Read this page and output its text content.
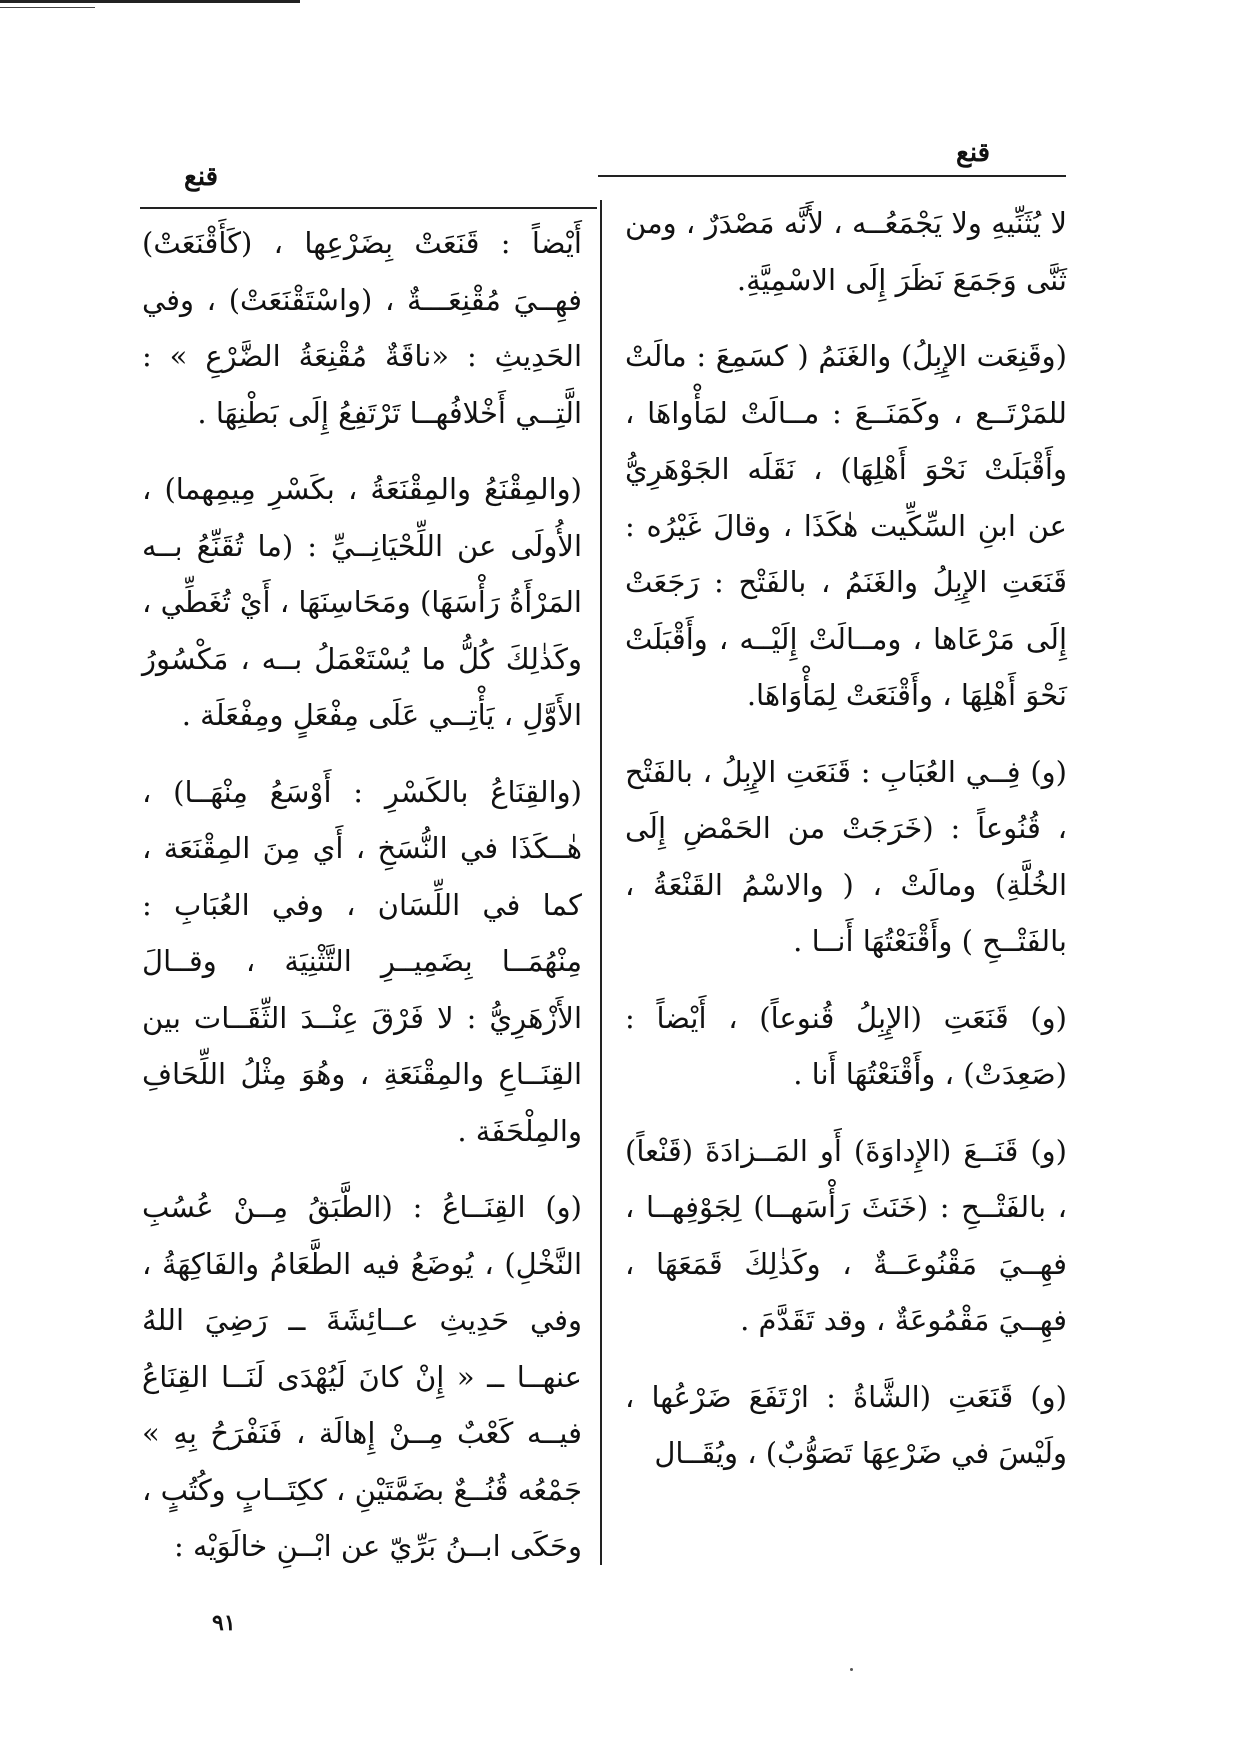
قنع
قنع

لا يُثَنِّيهِ ولا يَجْمَعُــه ، لأَنَّه مَصْدَرٌ ، ومن ثَنَّى وَجَمَعَ نَظَرَ إِلَى الاسْمِيَّةِ.

(وقَنِعَت الإِبِلُ) والغَنَمُ ( كسَمِعَ : مالَتْ للمَرْتَــع ، وكَمَنَــعَ : مــالَتْ لمَأْواهَا ، وأَقْبَلَتْ نَحْوَ أَهْلِهَا) ، نَقَلَه الجَوْهَرِيُّ عن ابنِ السِّكِّيت هٰكَذَا ، وقالَ غَيْرُه : قَنَعَتِ الإِبِلُ والغَنَمُ ، بالفَتْح : رَجَعَتْ إِلَى مَرْعَاها ، ومــالَتْ إِلَيْــه ، وأَقْبَلَتْ نَحْوَ أَهْلِهَا ، وأَقْنَعَتْ لِمَأْوَاهَا.

(و) فِــي العُبَابِ : قَنَعَتِ الإِبِلُ ، بالفَتْح ، قُنُوعاً : (خَرَجَتْ من الحَمْضِ إِلَى الخُلَّةِ) ومالَتْ ، ( والاسْمُ القَنْعَةُ ، بالفَتْــحِ ) وأَقْنَعْتُهَا أَنــا .

(و) قَنَعَتِ (الإِبِلُ قُنوعاً) ، أَيْضاً : (صَعِدَتْ) ، وأَقْنَعْتُهَا أَنا .

(و) قَنَــعَ (الإِداوَةَ) أَو المَــزادَةَ (قَنْعاً) ، بالفَتْــحِ : (خَنَثَ رَأْسَهــا) لِجَوْفِهــا ، فهِــيَ مَقْنُوعَــةٌ ، وكَذٰلِكَ قَمَعَهَا ، فهِــيَ مَقْمُوعَةٌ ، وقد تَقَدَّمَ .

(و) قَنَعَتِ (الشَّاةُ : ارْتَفَعَ ضَرْعُها ، ولَيْسَ في ضَرْعِهَا تَصَوُّبٌ) ، ويُقَــال

أَيْضاً : قَنَعَتْ بِضَرْعِها ، (كَأَقْنَعَتْ) فهِــيَ مُقْنِعَـــةٌ ، (واسْتَقْنَعَتْ) ، وفي الحَدِيثِ : «ناقَةٌ مُقْنِعَةُ الضَّرْعِ » : الَّتِــي أَخْلافُهــا تَرْتَفِعُ إِلَى بَطْنِهَا .

(والمِقْنَعُ والمِقْنَعَةُ ، بكَسْرِ مِيمِهما) ، الأُولَى عن اللِّحْيَانِــيِّ : (ما تُقَنِّعُ بــه المَرْأَةُ رَأْسَهَا) ومَحَاسِنَهَا ، أَيْ تُغَطِّي ، وكَذٰلِكَ كُلُّ ما يُسْتَعْمَلُ بــه ، مَكْسُورُ الأَوَّلِ ، يَأْتِــي عَلَى مِفْعَلٍ ومِفْعَلَة .

(والقِنَاعُ بالكَسْرِ : أَوْسَعُ مِنْهَــا) ، هٰــكَذَا في النُّسَخِ ، أَي مِنَ المِقْنَعَة ، كما في اللِّسَان ، وفي العُبَابِ : مِنْهُمَــا بِضَمِيــرِ التَّثْنِيَة ، وقــالَ الأَزْهَرِيُّ : لا فَرْقَ عِنْــدَ الثِّقَــات بين القِنَــاعِ والمِقْنَعَةِ ، وهُوَ مِثْلُ اللِّحَافِ والمِلْحَفَة .

(و) القِنَــاعُ : (الطَّبَقُ مِــنْ عُسُبِ النَّخْلِ) ، يُوضَعُ فيه الطَّعَامُ والفَاكِهَةُ ، وفي حَدِيثِ عــائِشَةَ ــ رَضِيَ اللهُ عنهــا ــ « إِنْ كانَ لَيُهْدَى لَنَــا القِنَاعُ فيــه كَعْبٌ مِــنْ إِهالَة ، فَنَفْرَحُ بِهِ » جَمْعُه قُنُــعٌ بضَمَّتَيْنِ ، ككِتَــابٍ وكُتُبٍ ، وحَكَى ابــنُ بَرِّيّ عن ابْــنِ خالَوَيْه :

٩١
